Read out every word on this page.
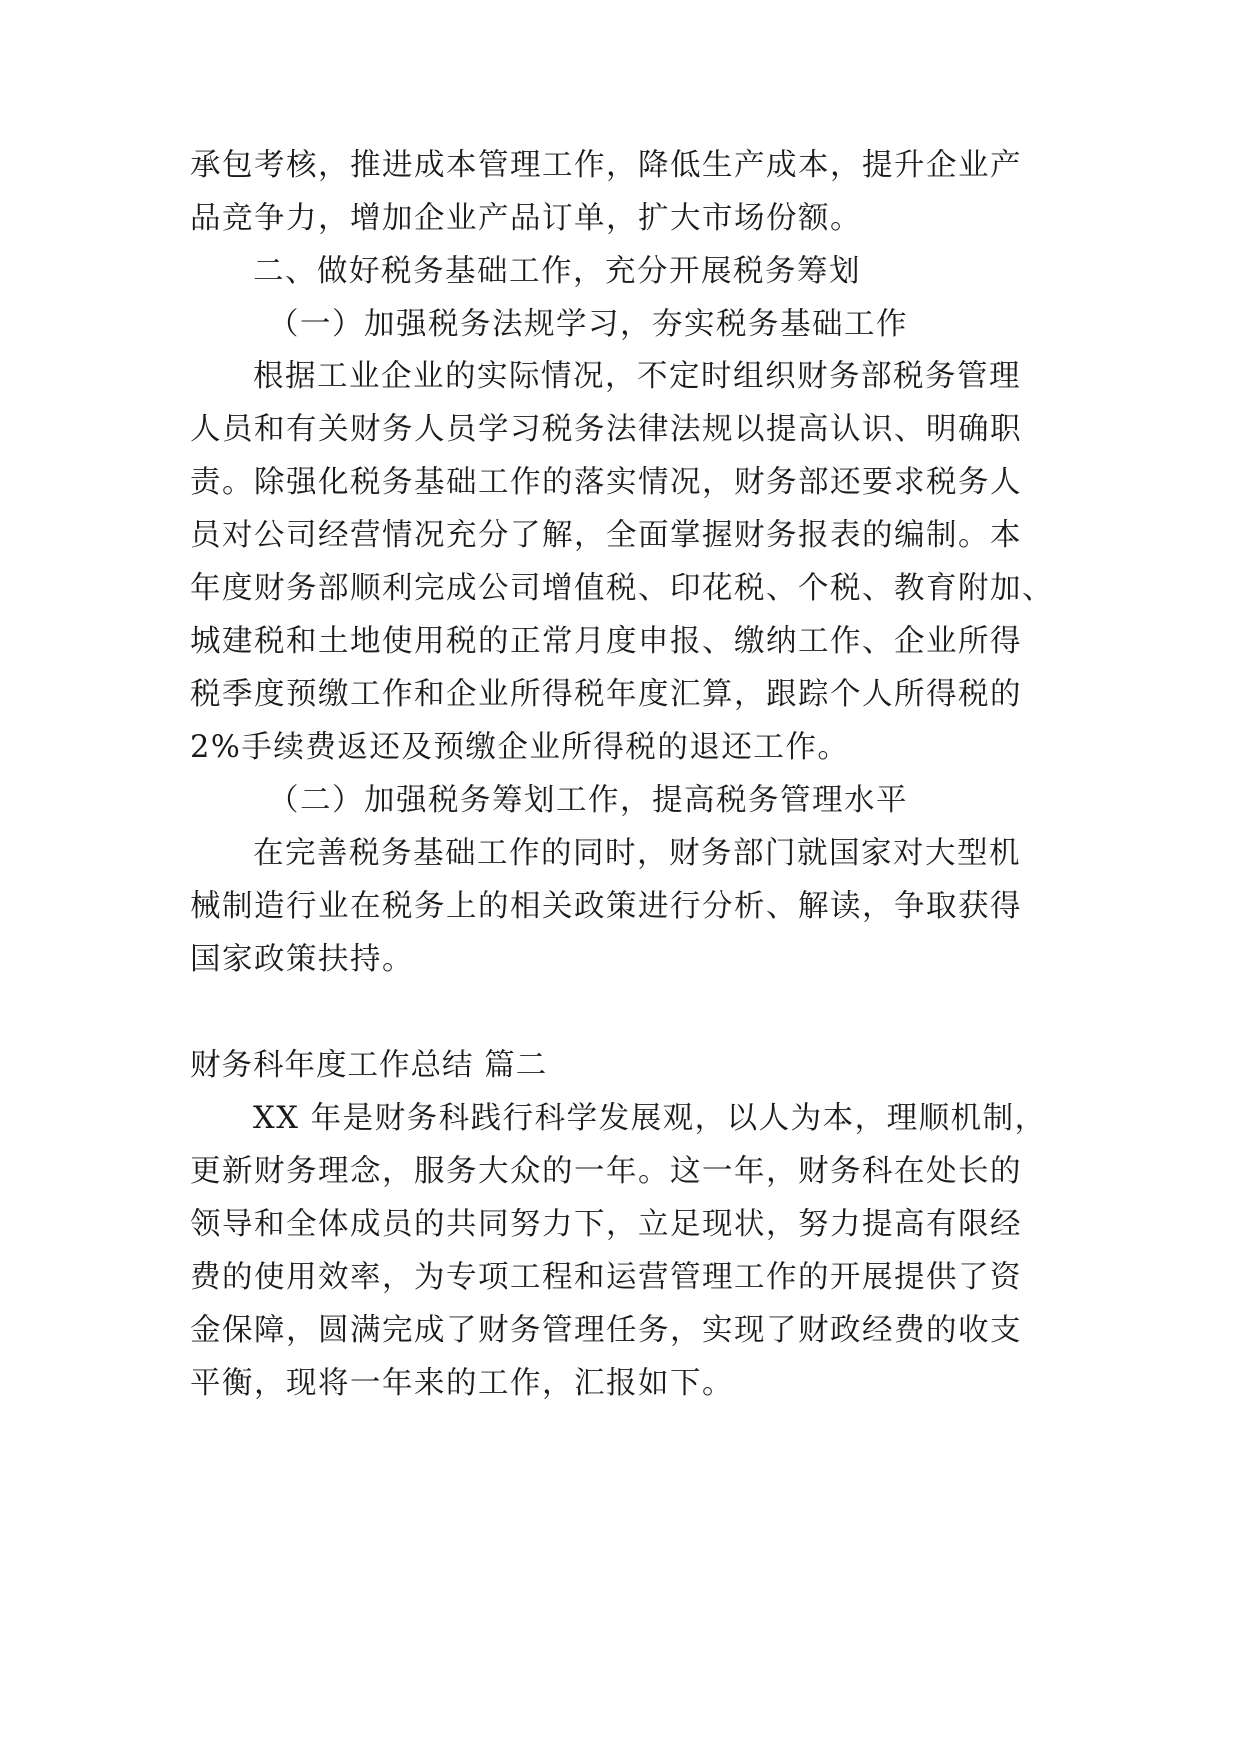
承包考核，推进成本管理工作，降低生产成本，提升企业产
品竞争力，增加企业产品订单，扩大市场份额。
二、做好税务基础工作，充分开展税务筹划
（一）加强税务法规学习，夯实税务基础工作
根据工业企业的实际情况，不定时组织财务部税务管理
人员和有关财务人员学习税务法律法规以提高认识、明确职
责。除强化税务基础工作的落实情况，财务部还要求税务人
员对公司经营情况充分了解，全面掌握财务报表的编制。本
年度财务部顺利完成公司增值税、印花税、个税、教育附加、
城建税和土地使用税的正常月度申报、缴纳工作、企业所得
税季度预缴工作和企业所得税年度汇算，跟踪个人所得税的
2%手续费返还及预缴企业所得税的退还工作。
（二）加强税务筹划工作，提高税务管理水平
在完善税务基础工作的同时，财务部门就国家对大型机
械制造行业在税务上的相关政策进行分析、解读，争取获得
国家政策扶持。
财务科年度工作总结 篇二
XX 年是财务科践行科学发展观，以人为本，理顺机制，
更新财务理念，服务大众的一年。这一年，财务科在处长的
领导和全体成员的共同努力下，立足现状，努力提高有限经
费的使用效率，为专项工程和运营管理工作的开展提供了资
金保障，圆满完成了财务管理任务，实现了财政经费的收支
平衡，现将一年来的工作，汇报如下。
